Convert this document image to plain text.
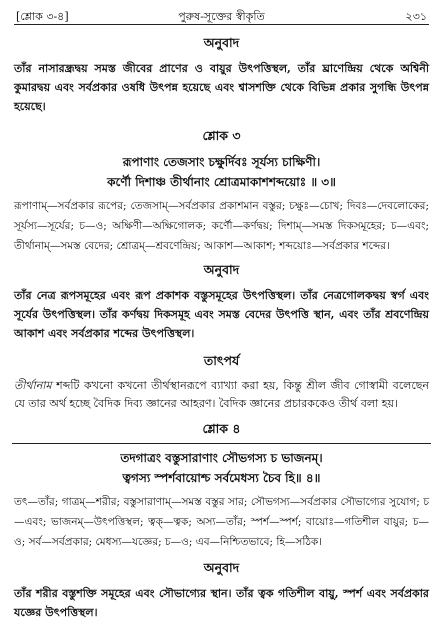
[শ্লোক ৩-৪]	পুরুষ-সূক্তের স্বীকৃতি	২৩১
অনুবাদ

তাঁর নাসারন্ধ্রদ্বয় সমস্ত জীবের প্রাণের ও বায়ুর উৎপত্তিস্থল, তাঁর ঘ্রাণেন্দ্রিয় থেকে অশ্বিনী কুমারদ্বয় এবং সর্বপ্রকার ওষধি উৎপন্ন হয়েছে এবং শ্বাসশক্তি থেকে বিভিন্ন প্রকার সুগন্ধি উৎপন্ন হয়েছে।

শ্লোক ৩
রূপাণাং তেজসাং চক্ষুর্দিবঃ সূর্যস্য চাক্ষিণী।
কর্ণৌ দিশাঞ্চ তীর্থানাং শ্রোত্রমাকাশশব্দয়োঃ ॥ ৩॥

রূপাণাম্—সর্বপ্রকার রূপের; তেজসাম্—সর্বপ্রকার প্রকাশমান বস্তুর; চক্ষুঃ—চোখ; দিবঃ—দেবলোকের; সূর্যস্য—সূর্যের; চ—ও; অক্ষিণী—অক্ষিগোলক; কর্ণৌ—কর্ণদ্বয়; দিশাম্—সমস্ত দিকসমূহের; চ—এবং; তীর্থানাম্—সমস্ত বেদের; শ্রোত্রম্—শ্রবণেন্দ্রিয়; আকাশ—আকাশ; শব্দয়োঃ—সর্বপ্রকার শব্দের।

অনুবাদ

তাঁর নেত্র রূপসমূহের এবং রূপ প্রকাশক বস্তুসমূহের উৎপত্তিস্থল। তাঁর নেত্রগোলকদ্বয় স্বর্গ এবং সূর্যের উৎপত্তিস্থল। তাঁর কর্ণদ্বয় দিকসমূহ এবং সমস্ত বেদের উৎপত্তি স্থান, এবং তাঁর শ্রবণেন্দ্রিয় আকাশ এবং সর্বপ্রকার শব্দের উৎপত্তিস্থল।

তাৎপর্য

তীর্থানাম শব্দটি কখনো কখনো তীর্থস্থানরূপে ব্যাখ্যা করা হয়, কিন্তু শ্রীল জীব গোস্বামী বলেছেন যে তার অর্থ হচ্ছে বৈদিক দিব্য জ্ঞানের আহরণ। বৈদিক জ্ঞানের প্রচারককেও তীর্থ বলা হয়।

শ্লোক ৪
তদগাত্রং বস্তুসারাণাং সৌভগস্য চ ভাজনম্।
ত্বগস্য স্পর্শবায়োশ্চ সর্বমেধস্য চৈব হি॥ ৪॥

তৎ—তাঁর; গাত্রম্—শরীর; বস্তুসারাণাম্—সমস্ত বস্তুর সার; সৌভগস্য—সর্বপ্রকার সৌভাগ্যের সুযোগ; চ—এবং; ভাজনম্—উৎপত্তিস্থল; ত্বক্—ত্বক; অস্য—তাঁর; স্পর্শ—স্পর্শ; বায়োঃ—গতিশীল বায়ুর; চ—ও; সর্ব—সর্বপ্রকার; মেধস্য—যজ্ঞের; চ—ও; এব—নিশ্চিতভাবে; হি—সঠিক।

অনুবাদ

তাঁর শরীর বস্তুশক্তি সমূহের এবং সৌভাগ্যের স্থান। তাঁর ত্বক গতিশীল বায়ু, স্পর্শ এবং সর্বপ্রকার যজ্ঞের উৎপত্তিস্থল।
